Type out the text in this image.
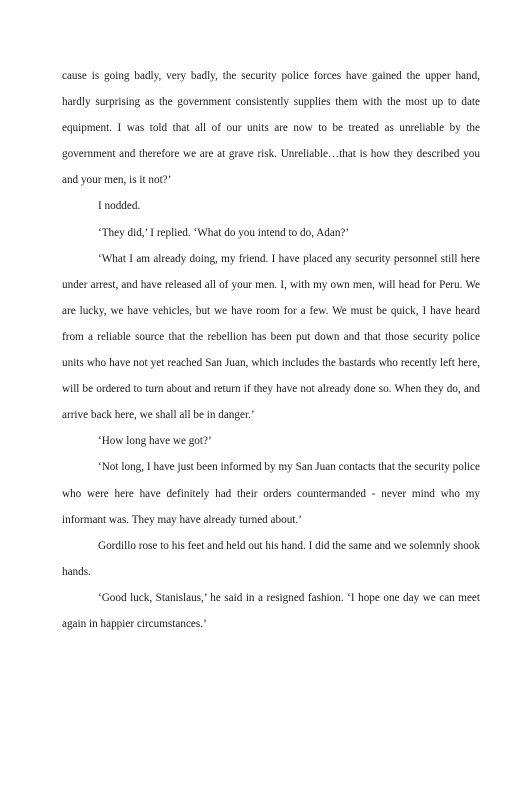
cause is going badly, very badly, the security police forces have gained the upper hand, hardly surprising as the government consistently supplies them with the most up to date equipment. I was told that all of our units are now to be treated as unreliable by the government and therefore we are at grave risk. Unreliable…that is how they described you and your men, is it not?’

I nodded.

‘They did,’ I replied. ‘What do you intend to do, Adan?’

‘What I am already doing, my friend. I have placed any security personnel still here under arrest, and have released all of your men. I, with my own men, will head for Peru. We are lucky, we have vehicles, but we have room for a few. We must be quick, I have heard from a reliable source that the rebellion has been put down and that those security police units who have not yet reached San Juan, which includes the bastards who recently left here, will be ordered to turn about and return if they have not already done so. When they do, and arrive back here, we shall all be in danger.’

‘How long have we got?’

‘Not long, I have just been informed by my San Juan contacts that the security police who were here have definitely had their orders countermanded - never mind who my informant was. They may have already turned about.’

Gordillo rose to his feet and held out his hand. I did the same and we solemnly shook hands.

‘Good luck, Stanislaus,’ he said in a resigned fashion. ‘I hope one day we can meet again in happier circumstances.’
